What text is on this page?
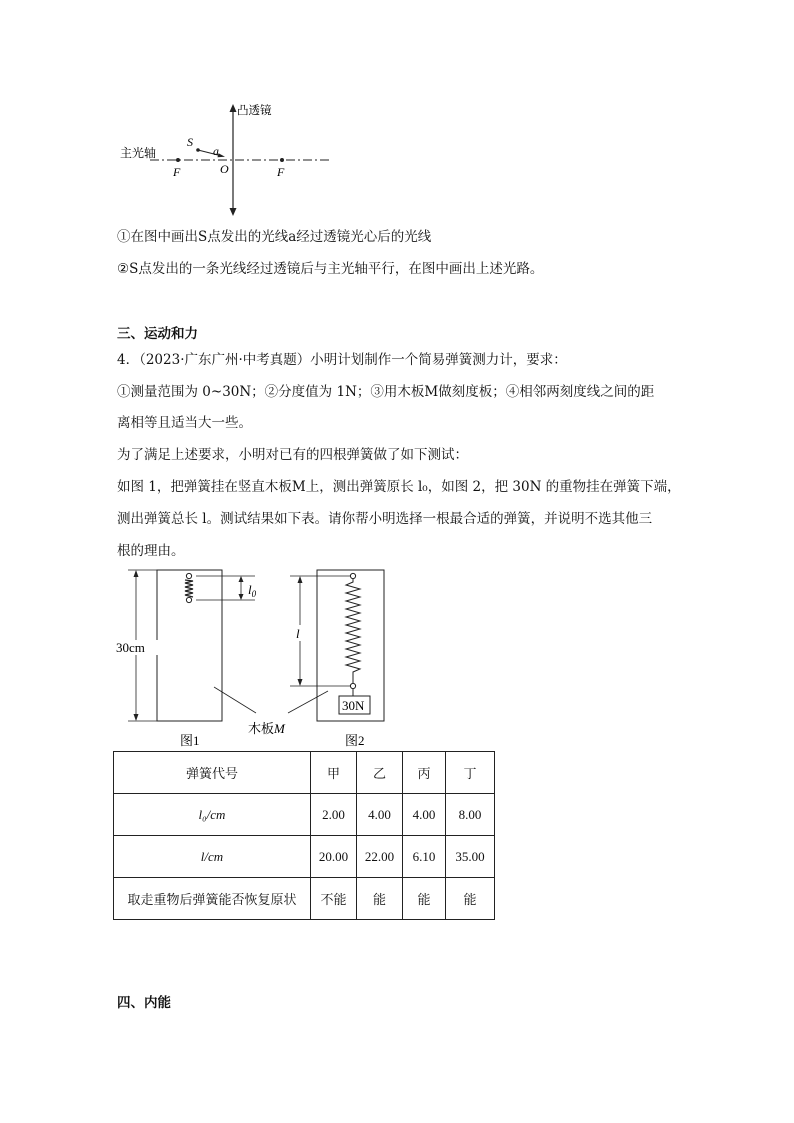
凸透镜
主光轴
S
a
O
F	F
①在图中画出S点发出的光线a经过透镜光心后的光线
②S点发出的一条光线经过透镜后与主光轴平行，在图中画出上述光路。
三、运动和力
4．（2023·广东广州·中考真题）小明计划制作一个简易弹簧测力计，要求：
①测量范围为 0~30N；②分度值为 1N；③用木板M做刻度板；④相邻两刻度线之间的距
离相等且适当大一些。
为了满足上述要求，小明对已有的四根弹簧做了如下测试：
如图 1，把弹簧挂在竖直木板M上，测出弹簧原长 l₀，如图 2，把 30N 的重物挂在弹簧下端，
测出弹簧总长 l。测试结果如下表。请你帮小明选择一根最合适的弹簧，并说明不选其他三
根的理由。
$l_0$
30cm
30N
l
木板M
图1	图2
弹簧代号	甲	乙	丙	丁
l₀/cm	2.00	4.00	4.00	8.00
l/cm	20.00	22.00	6.10	35.00
取走重物后弹簧能否恢复原状	不能	能	能	能
四、内能
